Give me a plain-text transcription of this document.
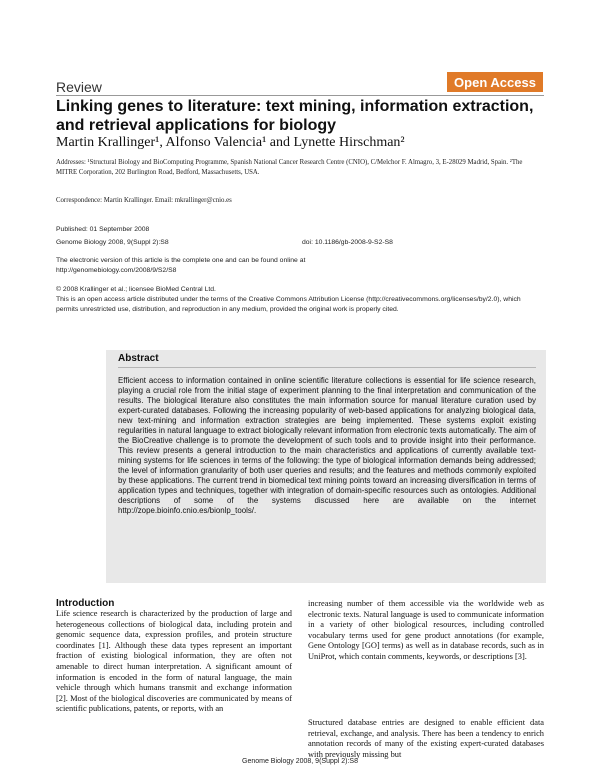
Review	Open Access
Linking genes to literature: text mining, information extraction, and retrieval applications for biology
Martin Krallinger¹, Alfonso Valencia¹ and Lynette Hirschman²
Addresses: ¹Structural Biology and BioComputing Programme, Spanish National Cancer Research Centre (CNIO), C/Melchor F. Almagro, 3, E-28029 Madrid, Spain. ²The MITRE Corporation, 202 Burlington Road, Bedford, Massachusetts, USA.
Correspondence: Martin Krallinger. Email: mkrallinger@cnio.es
Published: 01 September 2008
Genome Biology 2008, 9(Suppl 2):S8	doi: 10.1186/gb-2008-9-S2-S8
The electronic version of this article is the complete one and can be found online at http://genomebiology.com/2008/9/S2/S8
© 2008 Krallinger et al.; licensee BioMed Central Ltd.
This is an open access article distributed under the terms of the Creative Commons Attribution License (http://creativecommons.org/licenses/by/2.0), which permits unrestricted use, distribution, and reproduction in any medium, provided the original work is properly cited.
Abstract
Efficient access to information contained in online scientific literature collections is essential for life science research, playing a crucial role from the initial stage of experiment planning to the final interpretation and communication of the results. The biological literature also constitutes the main information source for manual literature curation used by expert-curated databases. Following the increasing popularity of web-based applications for analyzing biological data, new text-mining and information extraction strategies are being implemented. These systems exploit existing regularities in natural language to extract biologically relevant information from electronic texts automatically. The aim of the BioCreative challenge is to promote the development of such tools and to provide insight into their performance. This review presents a general introduction to the main characteristics and applications of currently available text-mining systems for life sciences in terms of the following: the type of biological information demands being addressed; the level of information granularity of both user queries and results; and the features and methods commonly exploited by these applications. The current trend in biomedical text mining points toward an increasing diversification in terms of application types and techniques, together with integration of domain-specific resources such as ontologies. Additional descriptions of some of the systems discussed here are available on the internet http://zope.bioinfo.cnio.es/bionlp_tools/.
Introduction
Life science research is characterized by the production of large and heterogeneous collections of biological data, including protein and genomic sequence data, expression profiles, and protein structure coordinates [1]. Although these data types represent an important fraction of existing biological information, they are often not amenable to direct human interpretation. A significant amount of information is encoded in the form of natural language, the main vehicle through which humans transmit and exchange information [2]. Most of the biological discoveries are communicated by means of scientific publications, patents, or reports, with an
increasing number of them accessible via the worldwide web as electronic texts. Natural language is used to communicate information in a variety of other biological resources, including controlled vocabulary terms used for gene product annotations (for example, Gene Ontology [GO] terms) as well as in database records, such as in UniProt, which contain comments, keywords, or descriptions [3].
Structured database entries are designed to enable efficient data retrieval, exchange, and analysis. There has been a tendency to enrich annotation records of many of the existing expert-curated databases with previously missing but
Genome Biology 2008, 9(Suppl 2):S8
